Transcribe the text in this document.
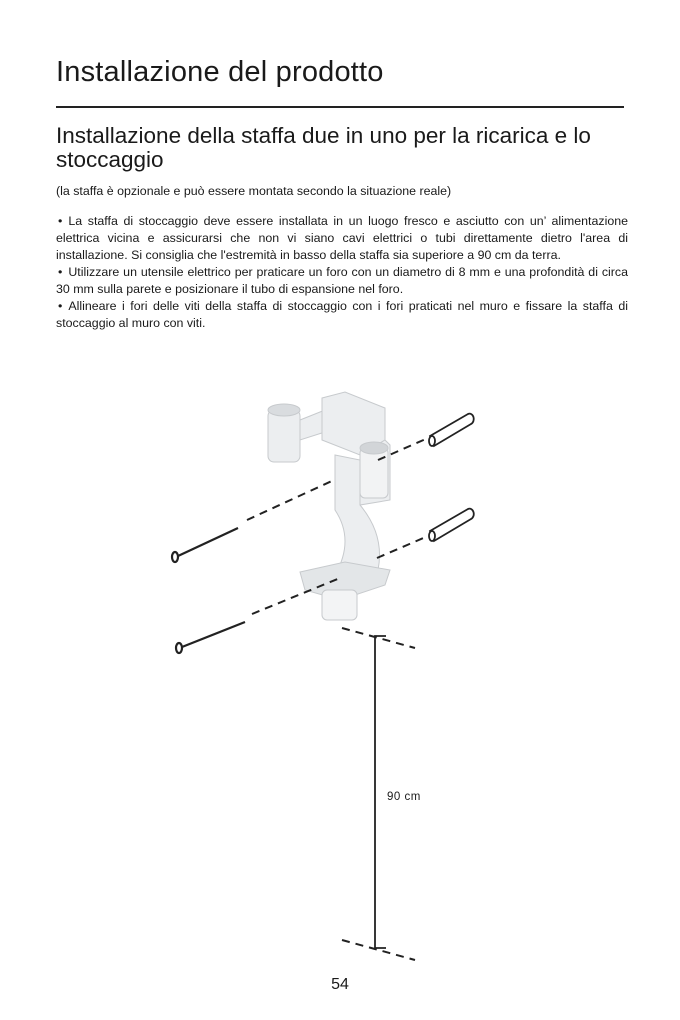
Installazione del prodotto
Installazione della staffa due in uno per la ricarica e lo stoccaggio
(la staffa è opzionale e può essere montata secondo la situazione reale)
• La staffa di stoccaggio deve essere installata in un luogo fresco e asciutto con un’ alimentazione elettrica vicina e assicurarsi che non vi siano cavi elettrici o tubi direttamente dietro l'area di installazione. Si consiglia che l'estremità in basso della staffa sia superiore a 90 cm da terra.
• Utilizzare un utensile elettrico per praticare un foro con un diametro di 8 mm e una profondità di circa 30 mm sulla parete e posizionare il tubo di espansione nel foro.
• Allineare i fori delle viti della staffa di stoccaggio con i fori praticati nel muro e fissare la staffa di stoccaggio al muro con viti.
90 cm
54
